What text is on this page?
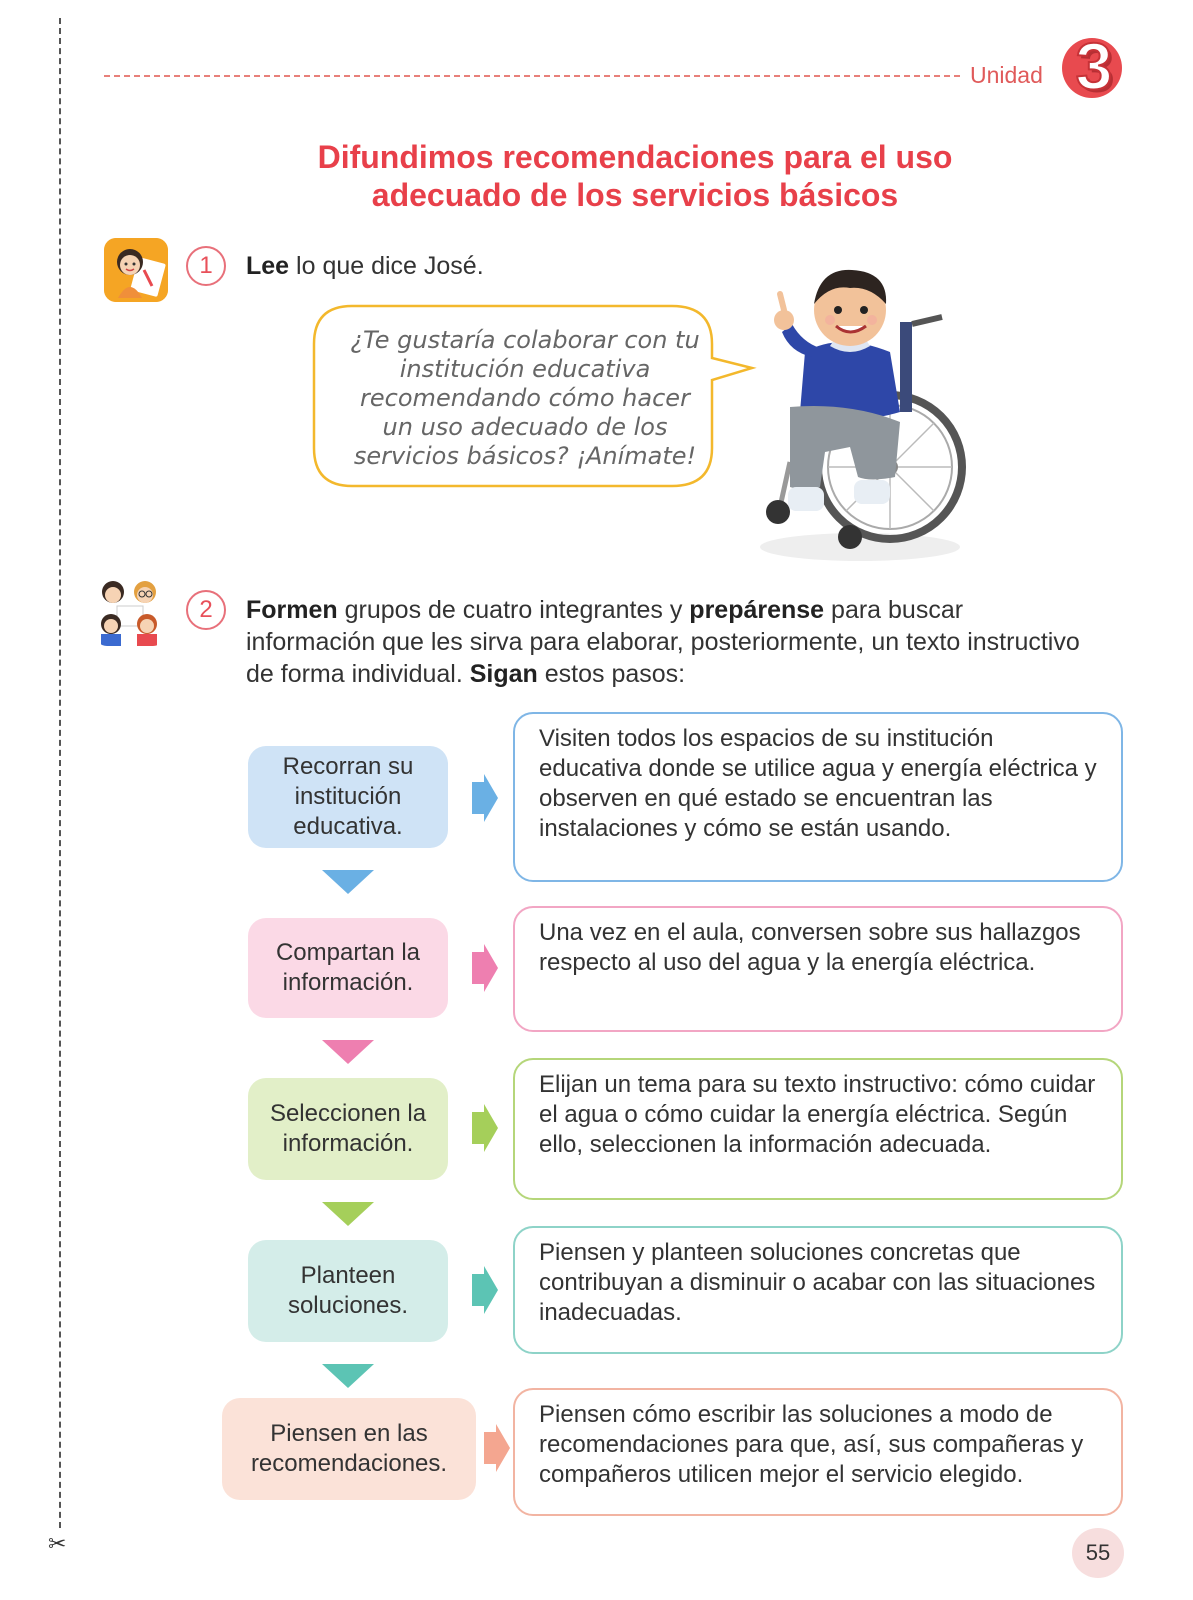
✂
Unidad 3
Difundimos recomendaciones para el uso
adecuado de los servicios básicos
1	Lee lo que dice José.
¿Te gustaría colaborar con tu institución educativa recomendando cómo hacer un uso adecuado de los servicios básicos? ¡Anímate!
2	Formen grupos de cuatro integrantes y prepárense para buscar información que les sirva para elaborar, posteriormente, un texto instructivo de forma individual. Sigan estos pasos:
Recorran su institución educativa.
Visiten todos los espacios de su institución educativa donde se utilice agua y energía eléctrica y observen en qué estado se encuentran las instalaciones y cómo se están usando.
Compartan la información.
Una vez en el aula, conversen sobre sus hallazgos respecto al uso del agua y la energía eléctrica.
Seleccionen la información.
Elijan un tema para su texto instructivo: cómo cuidar el agua o cómo cuidar la energía eléctrica. Según ello, seleccionen la información adecuada.
Planteen soluciones.
Piensen y planteen soluciones concretas que contribuyan a disminuir o acabar con las situaciones inadecuadas.
Piensen en las recomendaciones.
Piensen cómo escribir las soluciones a modo de recomendaciones para que, así, sus compañeras y compañeros utilicen mejor el servicio elegido.
55
